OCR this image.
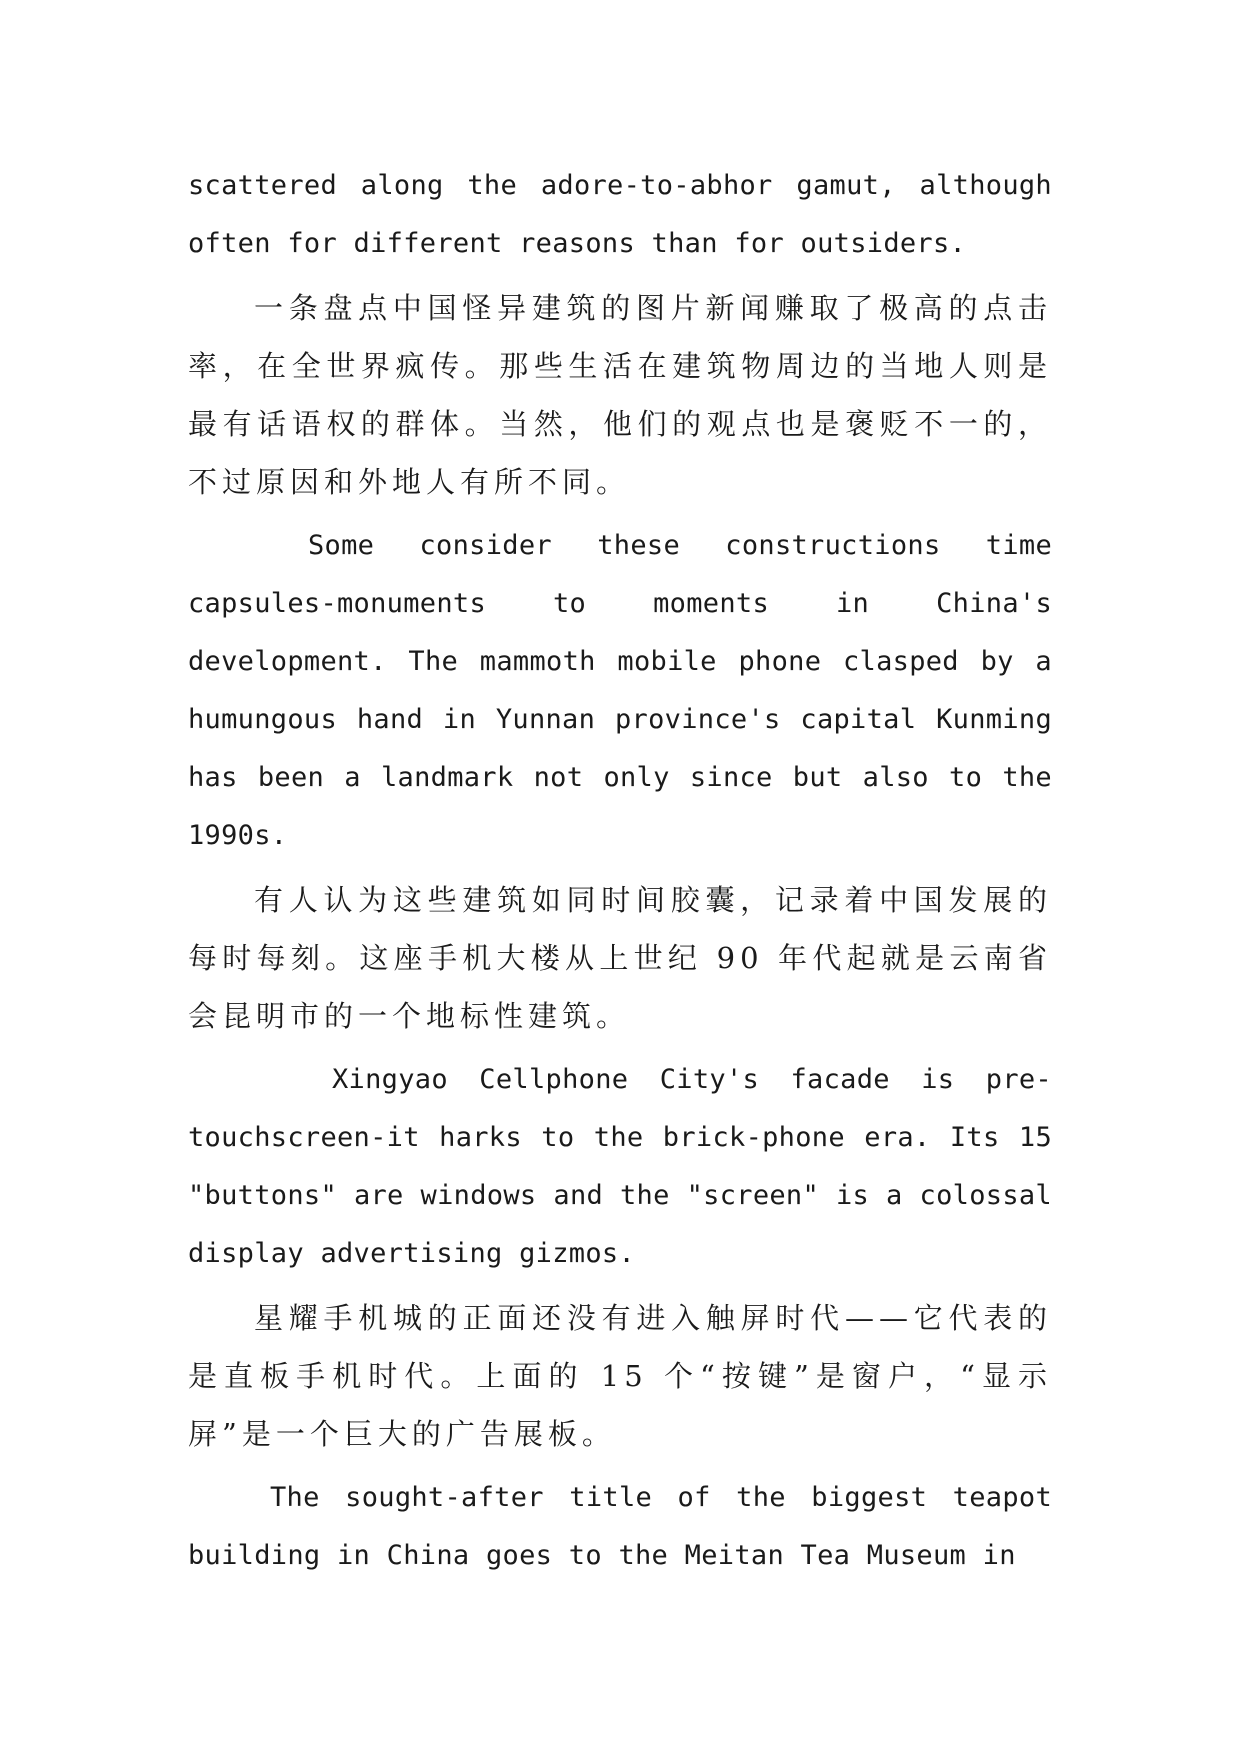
scattered along the adore-to-abhor gamut, although often for different reasons than for outsiders.

一条盘点中国怪异建筑的图片新闻赚取了极高的点击率，在全世界疯传。那些生活在建筑物周边的当地人则是最有话语权的群体。当然，他们的观点也是褒贬不一的，不过原因和外地人有所不同。

Some consider these constructions time capsules-monuments to moments in China's development. The mammoth mobile phone clasped by a humungous hand in Yunnan province's capital Kunming has been a landmark not only since but also to the 1990s.

有人认为这些建筑如同时间胶囊，记录着中国发展的每时每刻。这座手机大楼从上世纪 90 年代起就是云南省会昆明市的一个地标性建筑。

Xingyao Cellphone City's facade is pre-touchscreen-it harks to the brick-phone era. Its 15 "buttons" are windows and the "screen" is a colossal display advertising gizmos.

星耀手机城的正面还没有进入触屏时代——它代表的是直板手机时代。上面的 15 个“按键”是窗户，“显示屏”是一个巨大的广告展板。

The sought-after title of the biggest teapot building in China goes to the Meitan Tea Museum in
